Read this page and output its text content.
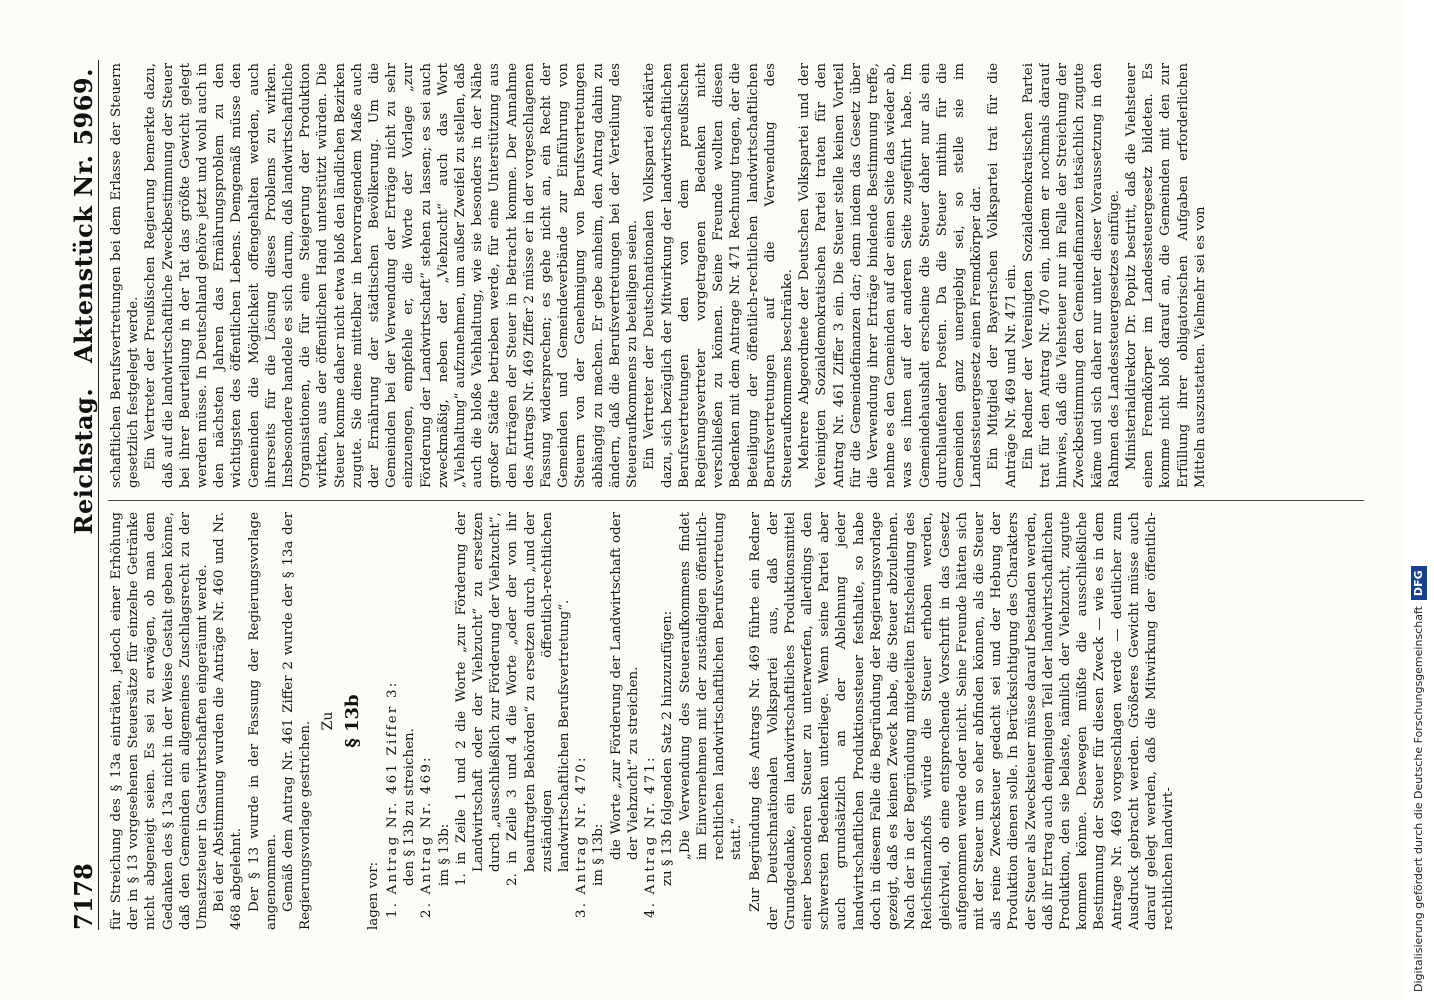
7178
Reichstag. Aktenstück Nr. 5969.

für Streichung des § 13a einträten, jedoch einer Erhöhung der in § 13 vorgesehenen Steuersätze für einzelne Getränke nicht abgeneigt seien. Es sei zu erwägen, ob man dem Gedanken des § 13a nicht in der Weise Gestalt geben könne, daß den Gemeinden ein allgemeines Zuschlagsrecht zu der Umsatzsteuer in Gastwirtschaften eingeräumt werde. Bei der Abstimmung wurden die Anträge Nr. 460 und Nr. 468 abgelehnt. Der § 13 wurde in der Fassung der Regierungsvorlage angenommen. Gemäß dem Antrag Nr. 461 Ziffer 2 wurde der § 13a der Regierungsvorlage gestrichen. Zu § 13b

lagen vor: 1. Antrag Nr. 461 Ziffer 3: den § 13b zu streichen. 2. Antrag Nr. 469: im § 13b: 1. in Zeile 1 und 2 die Worte „zur Förderung der Landwirtschaft oder der Viehzucht“ zu ersetzen durch „ausschließlich zur Förderung der Viehzucht“, 2. in Zeile 3 und 4 die Worte „oder der von ihr beauftragten Behörden“ zu ersetzen durch „und der zuständigen öffentlich-rechtlichen landwirtschaftlichen Berufsvertretung“. 3. Antrag Nr. 470: im § 13b: die Worte „zur Förderung der Landwirtschaft oder der Viehzucht“ zu streichen. 4. Antrag Nr. 471: zu § 13b folgenden Satz 2 hinzuzufügen: „Die Verwendung des Steueraufkommens findet im Einvernehmen mit der zuständigen öffentlich-rechtlichen landwirtschaftlichen Berufsvertretung statt.“ Zur Begründung des Antrags Nr. 469 führte ein Redner der Deutschnationalen Volkspartei aus, daß der Grundgedanke, ein landwirtschaftliches Produktionsmittel einer besonderen Steuer zu unterwerfen, allerdings den schwersten Bedenken unterliege. Wenn seine Partei aber auch grundsätzlich an der Ablehnung jeder landwirtschaftlichen Produktionssteuer festhalte, so habe doch in diesem Falle die Begründung der Regierungsvorlage gezeigt, daß es keinen Zweck habe, die Steuer abzulehnen. Nach der in der Begründung mitgeteilten Entscheidung des Reichsfinanzhofs würde die Steuer erhoben werden, gleichviel, ob eine entsprechende Vorschrift in das Gesetz aufgenommen werde oder nicht. Seine Freunde hätten sich mit der Steuer um so eher abfinden können, als die Steuer als reine Zwecksteuer gedacht sei und der Hebung der Produktion dienen solle. In Berücksichtigung des Charakters der Steuer als Zwecksteuer müsse darauf bestanden werden, daß ihr Ertrag auch demjenigen Teil der landwirtschaftlichen Produktion, den sie belaste, nämlich der Viehzucht, zugute kommen könne. Deswegen müßte die ausschließliche Bestimmung der Steuer für diesen Zweck — wie es in dem Antrage Nr. 469 vorgeschlagen werde — deutlicher zum Ausdruck gebracht werden. Größeres Gewicht müsse auch darauf gelegt werden, daß die Mitwirkung der öffentlich-rechtlichen landwirt-

schaftlichen Berufsvertretungen bei dem Erlasse der Steuern gesetzlich festgelegt werde. Ein Vertreter der Preußischen Regierung bemerkte dazu, daß auf die landwirtschaftliche Zweckbestimmung der Steuer bei ihrer Beurteilung in der Tat das größte Gewicht gelegt werden müsse. In Deutschland gehöre jetzt und wohl auch in den nächsten Jahren das Ernährungsproblem zu den wichtigsten des öffentlichen Lebens. Demgemäß müsse den Gemeinden die Möglichkeit offengehalten werden, auch ihrerseits für die Lösung dieses Problems zu wirken. Insbesondere handele es sich darum, daß landwirtschaftliche Organisationen, die für eine Steigerung der Produktion wirkten, aus der öffentlichen Hand unterstützt würden. Die Steuer komme daher nicht etwa bloß den ländlichen Bezirken zugute. Sie diene mittelbar in hervorragendem Maße auch der Ernährung der städtischen Bevölkerung. Um die Gemeinden bei der Verwendung der Erträge nicht zu sehr einzuengen, empfehle er, die Worte der Vorlage „zur Förderung der Landwirtschaft“ stehen zu lassen; es sei auch zweckmäßig, neben der „Viehzucht“ auch das Wort „Viehhaltung“ aufzunehmen, um außer Zweifel zu stellen, daß auch die bloße Viehhaltung, wie sie besonders in der Nähe großer Städte betrieben werde, für eine Unterstützung aus den Erträgen der Steuer in Betracht komme. Der Annahme des Antrags Nr. 469 Ziffer 2 müsse er in der vorgeschlagenen Fassung widersprechen; es gehe nicht an, ein Recht der Gemeinden und Gemeindeverbände zur Einführung von Steuern von der Genehmigung von Berufsvertretungen abhängig zu machen. Er gebe anheim, den Antrag dahin zu ändern, daß die Berufsvertretungen bei der Verteilung des Steueraufkommens zu beteiligen seien. Ein Vertreter der Deutschnationalen Volkspartei erklärte dazu, sich bezüglich der Mitwirkung der landwirtschaftlichen Berufsvertretungen den von dem preußischen Regierungsvertreter vorgetragenen Bedenken nicht verschließen zu können. Seine Freunde wollten diesen Bedenken mit dem Antrage Nr. 471 Rechnung tragen, der die Beteiligung der öffentlich-rechtlichen landwirtschaftlichen Berufsvertretungen auf die Verwendung des Steueraufkommens beschränke. Mehrere Abgeordnete der Deutschen Volkspartei und der Vereinigten Sozialdemokratischen Partei traten für den Antrag Nr. 461 Ziffer 3 ein. Die Steuer stelle keinen Vorteil für die Gemeindefinanzen dar; denn indem das Gesetz über die Verwendung ihrer Erträge bindende Bestimmung treffe, nehme es den Gemeinden auf der einen Seite das wieder ab, was es ihnen auf der anderen Seite zugeführt habe. Im Gemeindehaushalt erscheine die Steuer daher nur als ein durchlaufender Posten. Da die Steuer mithin für die Gemeinden ganz unergiebig sei, so stelle sie im Landessteuergesetz einen Fremdkörper dar. Ein Mitglied der Bayerischen Volkspartei trat für die Anträge Nr. 469 und Nr. 471 ein. Ein Redner der Vereinigten Sozialdemokratischen Partei trat für den Antrag Nr. 470 ein, indem er nochmals darauf hinwies, daß die Viehsteuer nur im Falle der Streichung der Zweckbestimmung den Gemeindefinanzen tatsächlich zugute käme und sich daher nur unter dieser Voraussetzung in den Rahmen des Landessteuergesetzes einfüge. Ministerialdirektor Dr. Popitz bestritt, daß die Viehsteuer einen Fremdkörper im Landessteuergesetz bildeten. Es komme nicht bloß darauf an, die Gemeinden mit den zur Erfüllung ihrer obligatorischen Aufgaben erforderlichen Mitteln auszustatten. Vielmehr sei es von

Digitalisierung gefördert durch die Deutsche ForschungsgemeinschaftDFG
